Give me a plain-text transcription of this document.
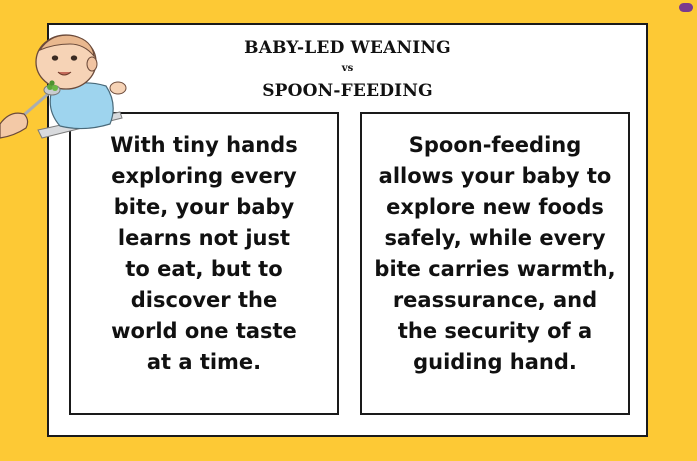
BABY-LED WEANING
vs
SPOON-FEEDING
With tiny hands
exploring every
bite, your baby
learns not just
to eat, but to
discover the
world one taste
at a time.
Spoon-feeding
allows your baby to
explore new foods
safely, while every
bite carries warmth,
reassurance, and
the security of a
guiding hand.
